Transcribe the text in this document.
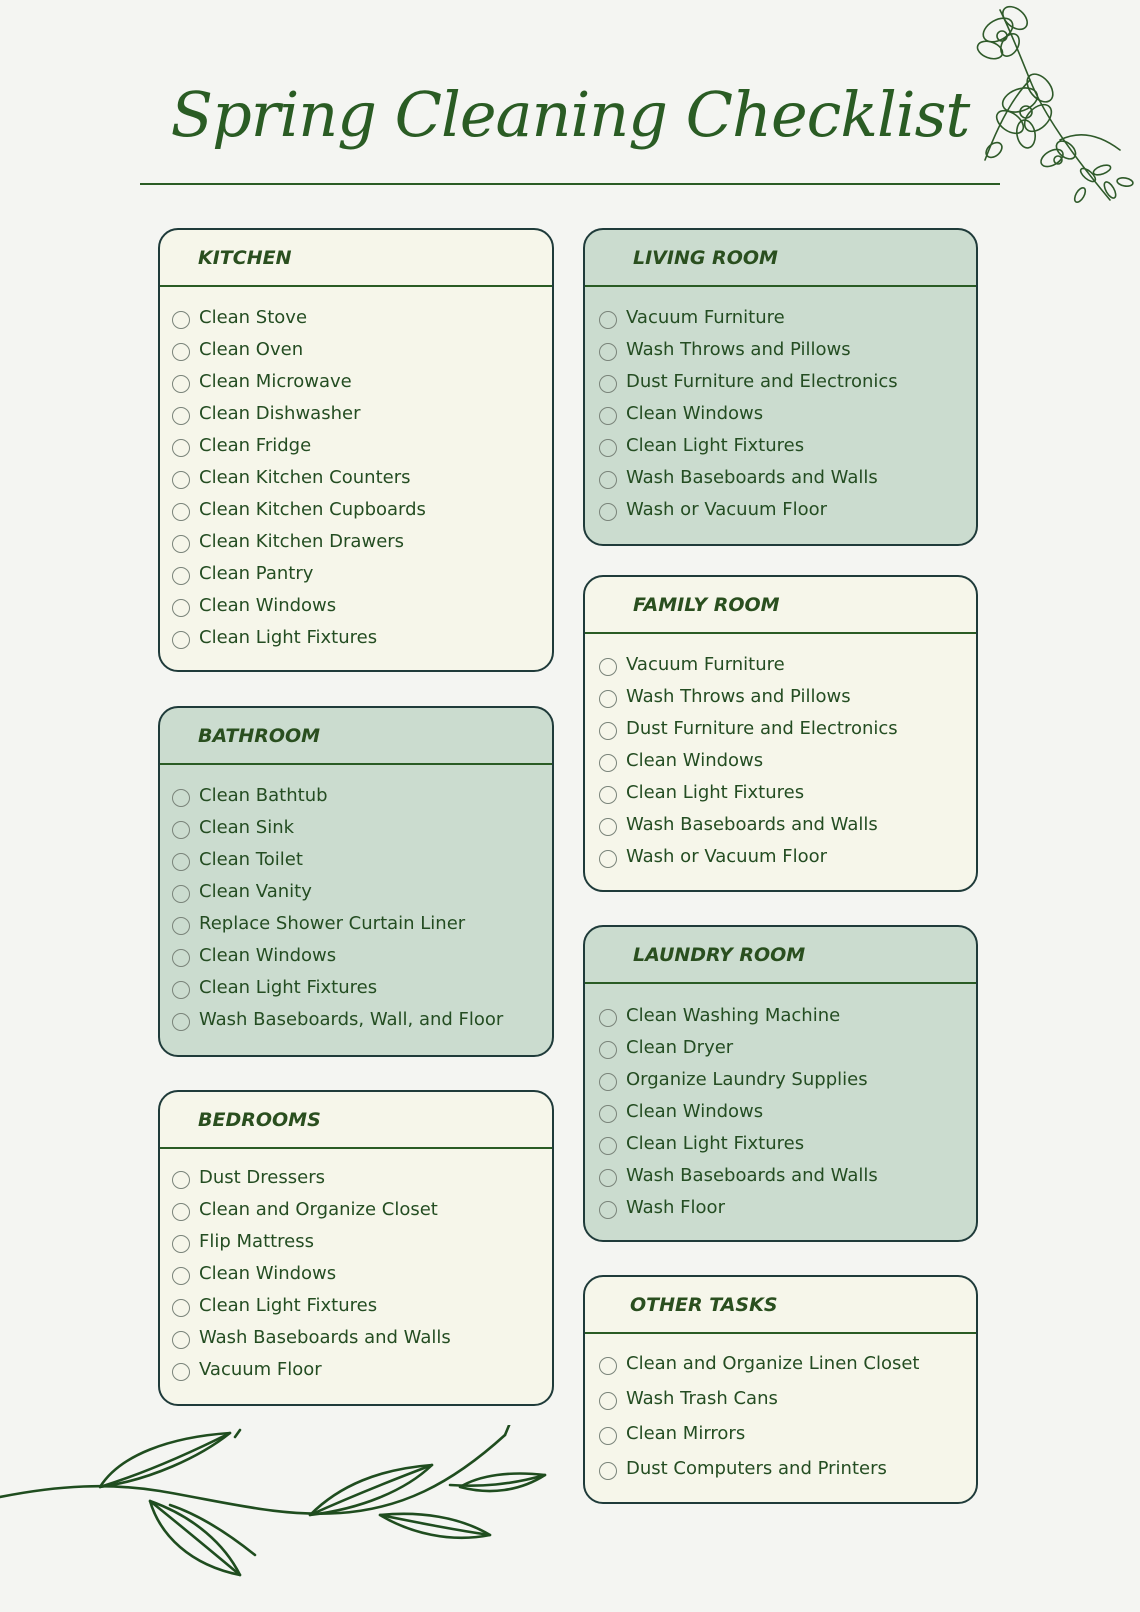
Spring Cleaning Checklist
KITCHEN
Clean Stove
Clean Oven
Clean Microwave
Clean Dishwasher
Clean Fridge
Clean Kitchen Counters
Clean Kitchen Cupboards
Clean Kitchen Drawers
Clean Pantry
Clean Windows
Clean Light Fixtures
BATHROOM
Clean Bathtub
Clean Sink
Clean Toilet
Clean Vanity
Replace Shower Curtain Liner
Clean Windows
Clean Light Fixtures
Wash Baseboards, Wall, and Floor
BEDROOMS
Dust Dressers
Clean and Organize Closet
Flip Mattress
Clean Windows
Clean Light Fixtures
Wash Baseboards and Walls
Vacuum Floor
LIVING ROOM
Vacuum Furniture
Wash Throws and Pillows
Dust Furniture and Electronics
Clean Windows
Clean Light Fixtures
Wash Baseboards and Walls
Wash or Vacuum Floor
FAMILY ROOM
Vacuum Furniture
Wash Throws and Pillows
Dust Furniture and Electronics
Clean Windows
Clean Light Fixtures
Wash Baseboards and Walls
Wash or Vacuum Floor
LAUNDRY ROOM
Clean Washing Machine
Clean Dryer
Organize Laundry Supplies
Clean Windows
Clean Light Fixtures
Wash Baseboards and Walls
Wash Floor
OTHER TASKS
Clean and Organize Linen Closet
Wash Trash Cans
Clean Mirrors
Dust Computers and Printers
